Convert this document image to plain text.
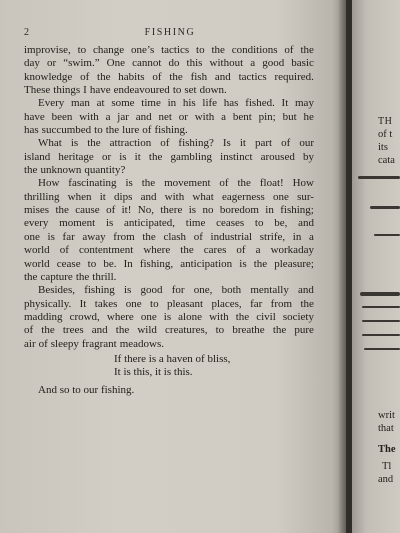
2	FISHING
improvise, to change one’s tactics to the conditions of the
day or “swim.” One cannot do this without a good basic
knowledge of the habits of the fish and tactics required.
These things I have endeavoured to set down.
Every man at some time in his life has fished. It may
have been with a jar and net or with a bent pin; but he
has succumbed to the lure of fishing.
What is the attraction of fishing? Is it part of our
island heritage or is it the gambling instinct aroused by
the unknown quantity?
How fascinating is the movement of the float! How
thrilling when it dips and with what eagerness one sur-
mises the cause of it! No, there is no boredom in fishing;
every moment is anticipated, time ceases to be, and
one is far away from the clash of industrial strife, in a
world of contentment where the cares of a workaday
world cease to be. In fishing, anticipation is the pleasure;
the capture the thrill.
Besides, fishing is good for one, both mentally and
physically. It takes one to pleasant places, far from the
madding crowd, where one is alone with the civil society
of the trees and the wild creatures, to breathe the pure
air of sleepy fragrant meadows.
If there is a haven of bliss,
It is this, it is this.
And so to our fishing.
TH
of t
its
cata
writ
that
The
Tl
and
